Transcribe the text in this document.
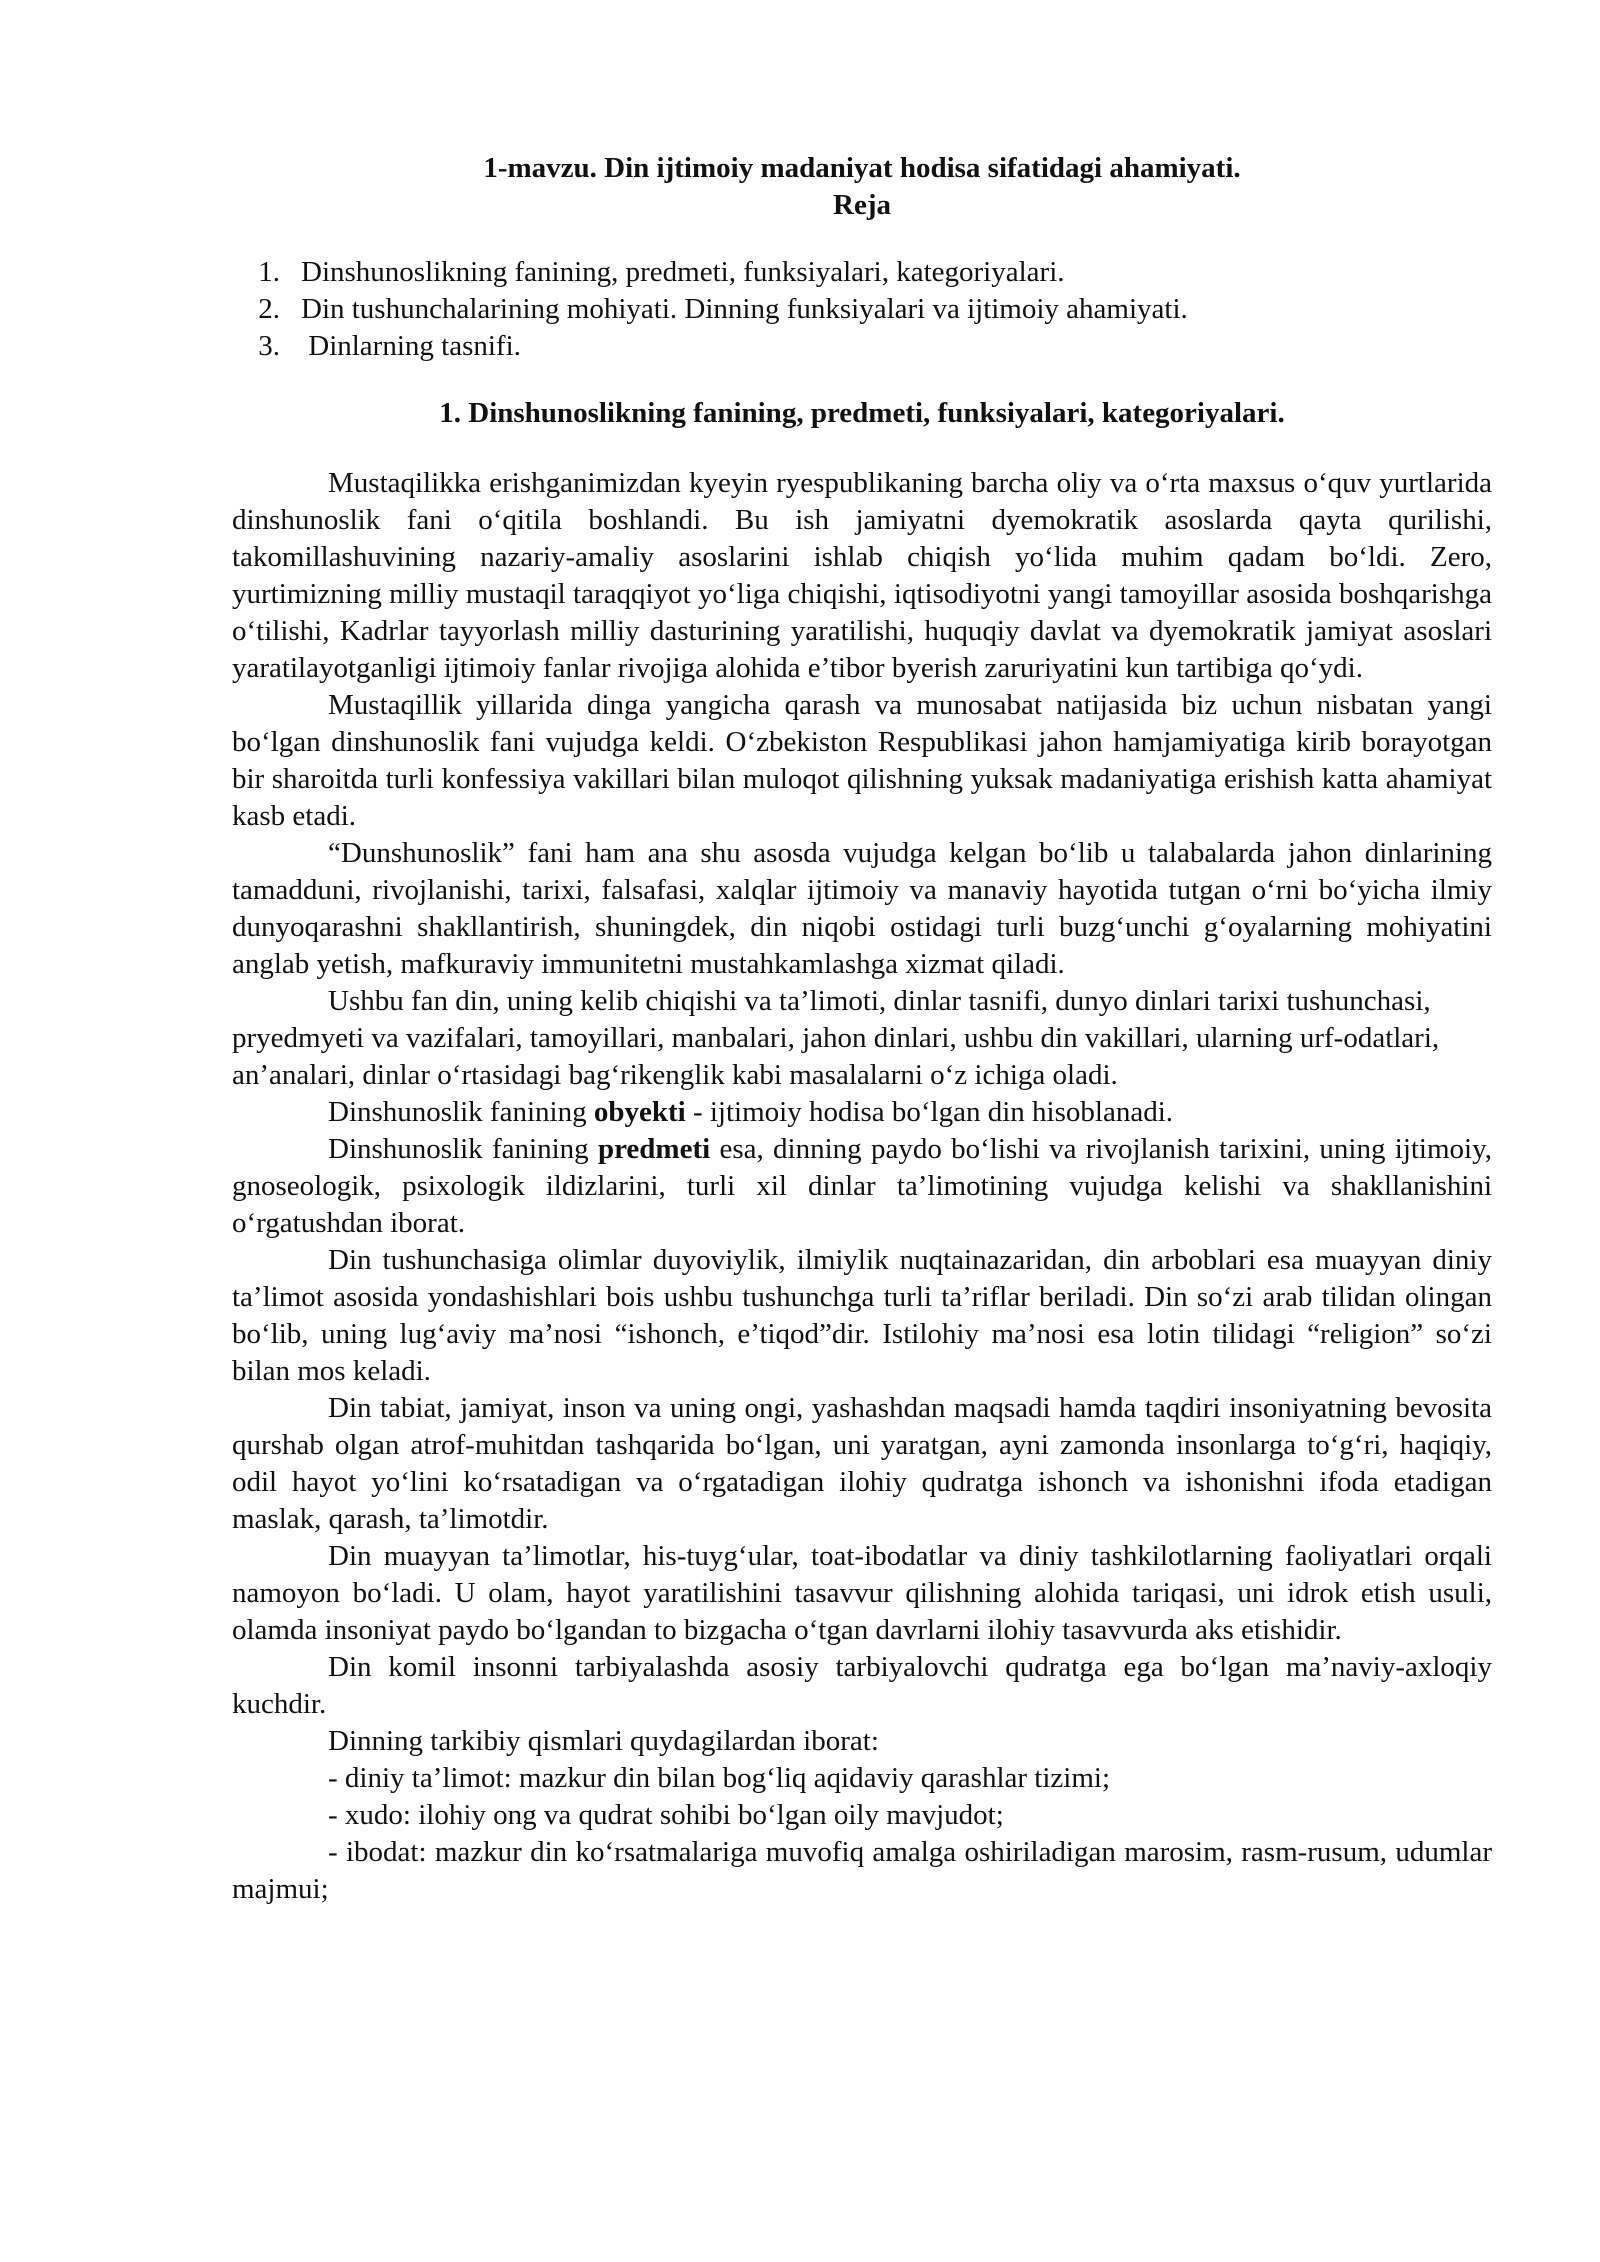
1-mavzu. Din ijtimoiy madaniyat hodisa sifatidagi ahamiyati.

Reja

1. Dinshunoslikning fanining, predmeti, funksiyalari, kategoriyalari.
2. Din tushunchalarining mohiyati. Dinning funksiyalari va ijtimoiy ahamiyati.
3. Dinlarning tasnifi.

1. Dinshunoslikning fanining, predmeti, funksiyalari, kategoriyalari.

Mustaqilikka erishganimizdan kyeyin ryespublikaning barcha oliy va o‘rta maxsus o‘quv yurtlarida dinshunoslik fani o‘qitila boshlandi. Bu ish jamiyatni dyemokratik asoslarda qayta qurilishi, takomillashuvining nazariy-amaliy asoslarini ishlab chiqish yo‘lida muhim qadam bo‘ldi. Zero, yurtimizning milliy mustaqil taraqqiyot yo‘liga chiqishi, iqtisodiyotni yangi tamoyillar asosida boshqarishga o‘tilishi, Kadrlar tayyorlash milliy dasturining yaratilishi, huquqiy davlat va dyemokratik jamiyat asoslari yaratilayotganligi ijtimoiy fanlar rivojiga alohida e’tibor byerish zaruriyatini kun tartibiga qo‘ydi.

Mustaqillik yillarida dinga yangicha qarash va munosabat natijasida biz uchun nisbatan yangi bo‘lgan dinshunoslik fani vujudga keldi. O‘zbekiston Respublikasi jahon hamjamiyatiga kirib borayotgan bir sharoitda turli konfessiya vakillari bilan muloqot qilishning yuksak madaniyatiga erishish katta ahamiyat kasb etadi.

“Dunshunoslik” fani ham ana shu asosda vujudga kelgan bo‘lib u talabalarda jahon dinlarining tamadduni, rivojlanishi, tarixi, falsafasi, xalqlar ijtimoiy va manaviy hayotida tutgan o‘rni bo‘yicha ilmiy dunyoqarashni shakllantirish, shuningdek, din niqobi ostidagi turli buzg‘unchi g‘oyalarning mohiyatini anglab yetish, mafkuraviy immunitetni mustahkamlashga xizmat qiladi.

Ushbu fan din, uning kelib chiqishi va ta’limoti, dinlar tasnifi, dunyo dinlari tarixi tushunchasi, pryedmyeti va vazifalari, tamoyillari, manbalari, jahon dinlari, ushbu din vakillari, ularning urf-odatlari, an’analari, dinlar o‘rtasidagi bag‘rikenglik kabi masalalarni o‘z ichiga oladi.

Dinshunoslik fanining obyekti - ijtimoiy hodisa bo‘lgan din hisoblanadi.

Dinshunoslik fanining predmeti esa, dinning paydo bo‘lishi va rivojlanish tarixini, uning ijtimoiy, gnoseologik, psixologik ildizlarini, turli xil dinlar ta’limotining vujudga kelishi va shakllanishini o‘rgatushdan iborat.

Din tushunchasiga olimlar duyoviylik, ilmiylik nuqtainazaridan, din arboblari esa muayyan diniy ta’limot asosida yondashishlari bois ushbu tushunchga turli ta’riflar beriladi. Din so‘zi arab tilidan olingan bo‘lib, uning lug‘aviy ma’nosi “ishonch, e’tiqod”dir. Istilohiy ma’nosi esa lotin tilidagi “religion” so‘zi bilan mos keladi.

Din tabiat, jamiyat, inson va uning ongi, yashashdan maqsadi hamda taqdiri insoniyatning bevosita qurshab olgan atrof-muhitdan tashqarida bo‘lgan, uni yaratgan, ayni zamonda insonlarga to‘g‘ri, haqiqiy, odil hayot yo‘lini ko‘rsatadigan va o‘rgatadigan ilohiy qudratga ishonch va ishonishni ifoda etadigan maslak, qarash, ta’limotdir.

Din muayyan ta’limotlar, his-tuyg‘ular, toat-ibodatlar va diniy tashkilotlarning faoliyatlari orqali namoyon bo‘ladi. U olam, hayot yaratilishini tasavvur qilishning alohida tariqasi, uni idrok etish usuli, olamda insoniyat paydo bo‘lgandan to bizgacha o‘tgan davrlarni ilohiy tasavvurda aks etishidir.

Din komil insonni tarbiyalashda asosiy tarbiyalovchi qudratga ega bo‘lgan ma’naviy-axloqiy kuchdir.

Dinning tarkibiy qismlari quydagilardan iborat:

- diniy ta’limot: mazkur din bilan bog‘liq aqidaviy qarashlar tizimi;

- xudo: ilohiy ong va qudrat sohibi bo‘lgan oily mavjudot;

- ibodat: mazkur din ko‘rsatmalariga muvofiq amalga oshiriladigan marosim, rasm-rusum, udumlar majmui;
